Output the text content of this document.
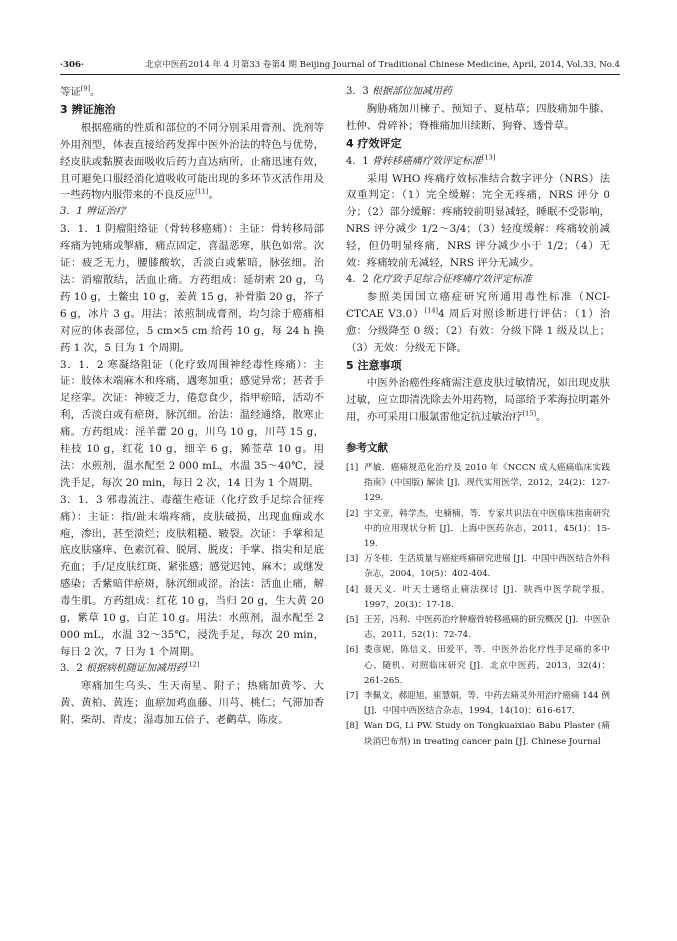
·306·	北京中医药2014 年 4 月第33 卷第4 期 Beijing Journal of Traditional Chinese Medicine, April, 2014, Vol.33, No.4

等证[9]。

3 辨证施治

根据癌痛的性质和部位的不同分别采用膏剂、洗剂等外用剂型，体表直接给药发挥中医外治法的特色与优势，经皮肤或黏膜表面吸收后药力直达病所，止痛迅速有效，且可避免口服经消化道吸收可能出现的多环节灭活作用及一些药物内服带来的不良反应[11]。

3．1 辨证治疗

3．1．1 阴瘤阻络证（骨转移癌痛）：主证：骨转移局部疼痛为钝痛或掣痛，痛点固定，喜温恶寒，肤色如常。次证：疲乏无力，腰膝酸软，舌淡白或紫暗，脉弦细。治法：消瘤散结，活血止痛。方药组成：延胡索 20 g，乌药 10 g，土鳖虫 10 g，姜黄 15 g，补骨脂 20 g，芥子 6 g，冰片 3 g。用法：浓煎制成膏剂，均匀涂于癌痛相对应的体表部位，5 cm×5 cm 给药 10 g，每 24 h 换药 1 次，5 日为 1 个周期。

3．1．2 寒凝络阻证（化疗致周围神经毒性疼痛）：主证：肢体末端麻木和疼痛，遇寒加重；感觉异常；甚者手足痉挛。次证：神疲乏力，倦怠食少，指甲瘀暗，活动不利，舌淡白或有瘀斑，脉沉细。治法：温经通络，散寒止痛。方药组成：淫羊藿 20 g，川乌 10 g，川芎 15 g，桂枝 10 g，红花 10 g，细辛 6 g，豨莶草 10 g。用法：水煎剂，温水配至 2 000 mL，水温 35～40℃，浸洗手足，每次 20 min，每日 2 次，14 日为 1 个周期。

3．1．3 邪毒流注、毒蕴生疮证（化疗致手足综合征疼痛）：主证：指/趾末端疼痛，皮肤破损，出现血痂或水疱，渗出，甚至溃烂；皮肤粗糙、皲裂。次证：手掌和足底皮肤瘙痒、色素沉着、脱屑、脱皮；手掌、指尖和足底充血；手/足皮肤红斑、紧张感；感觉迟钝、麻木；或继发感染；舌紫暗伴瘀斑，脉沉细或涩。治法：活血止痛，解毒生肌。方药组成：红花 10 g，当归 20 g，生大黄 20 g，紫草 10 g，白芷 10 g。用法：水煎剂，温水配至 2 000 mL，水温 32～35℃，浸洗手足，每次 20 min，每日 2 次，7 日为 1 个周期。

3．2 根据病机随证加减用药[12]

寒痛加生乌头、生天南星、附子；热痛加黄芩、大黄、黄柏、黄连；血瘀加鸡血藤、川芎、桃仁；气滞加香附、柴胡、青皮；湿毒加五倍子、老鹳草、陈皮。

3．3 根据部位加减用药

胸胁痛加川楝子、预知子、夏枯草；四肢痛加牛膝、杜仲、骨碎补；脊椎痛加川续断、狗脊、透骨草。

4 疗效评定

4．1 骨转移癌痛疗效评定标准[13]

采用 WHO 疼痛疗效标准结合数字评分（NRS）法双重判定：（1）完全缓解：完全无疼痛，NRS 评分 0 分；（2）部分缓解：疼痛较前明显减轻，睡眠不受影响，NRS 评分减少 1/2～3/4；（3）轻度缓解：疼痛较前减轻，但仍明显疼痛，NRS 评分减少小于 1/2；（4）无效：疼痛较前无减轻，NRS 评分无减少。

4．2 化疗致手足综合征疼痛疗效评定标准

参照美国国立癌症研究所通用毒性标准（NCI-CTCAE V3.0）[14]4 周后对照诊断进行评估：（1）治愈：分级降至 0 级；（2）有效：分级下降 1 级及以上；（3）无效：分级无下降。

5 注意事项

中医外治癌性疼痛需注意皮肤过敏情况，如出现皮肤过敏，应立即清洗除去外用药物，局部给予苯海拉明霜外用，亦可采用口服氯雷他定抗过敏治疗[15]。

参考文献

[1] 严敏．癌痛规范化治疗及 2010 年《NCCN 成人癌痛临床实践指南》(中国版) 解读 [J]．现代实用医学，2012，24(2)：127-129.
[2] 宇文亚，韩学杰，史楠楠，等．专家共识法在中医临床指南研究中的应用现状分析 [J]．上海中医药杂志，2011，45(1)：15-19.
[3] 万冬桂．生活质量与癌症疼痛研究进展 [J]．中国中西医结合外科杂志，2004，10(5)：402-404.
[4] 聂天义．叶天士通络止痛法探讨 [J]．陕西中医学院学报，1997，20(3)：17-18.
[5] 王芳，冯利．中医药治疗肿瘤骨转移癌痛的研究概况 [J]．中医杂志，2011，52(1)：72-74.
[6] 娄彦妮，陈信义，田爱平，等．中医外治化疗性手足痛的多中心、随机、对照临床研究 [J]．北京中医药，2013，32(4)：261-265.
[7] 李佩文，郝迎旭，崔慧娟，等．中药去痛灵外用治疗癌痛 144 例 [J]．中国中西医结合杂志，1994，14(10)：616-617.
[8] Wan DG, Li PW. Study on Tongkuaixiao Babu Plaster (痛块消巴布剂) in treating cancer pain [J]. Chinese Journal
